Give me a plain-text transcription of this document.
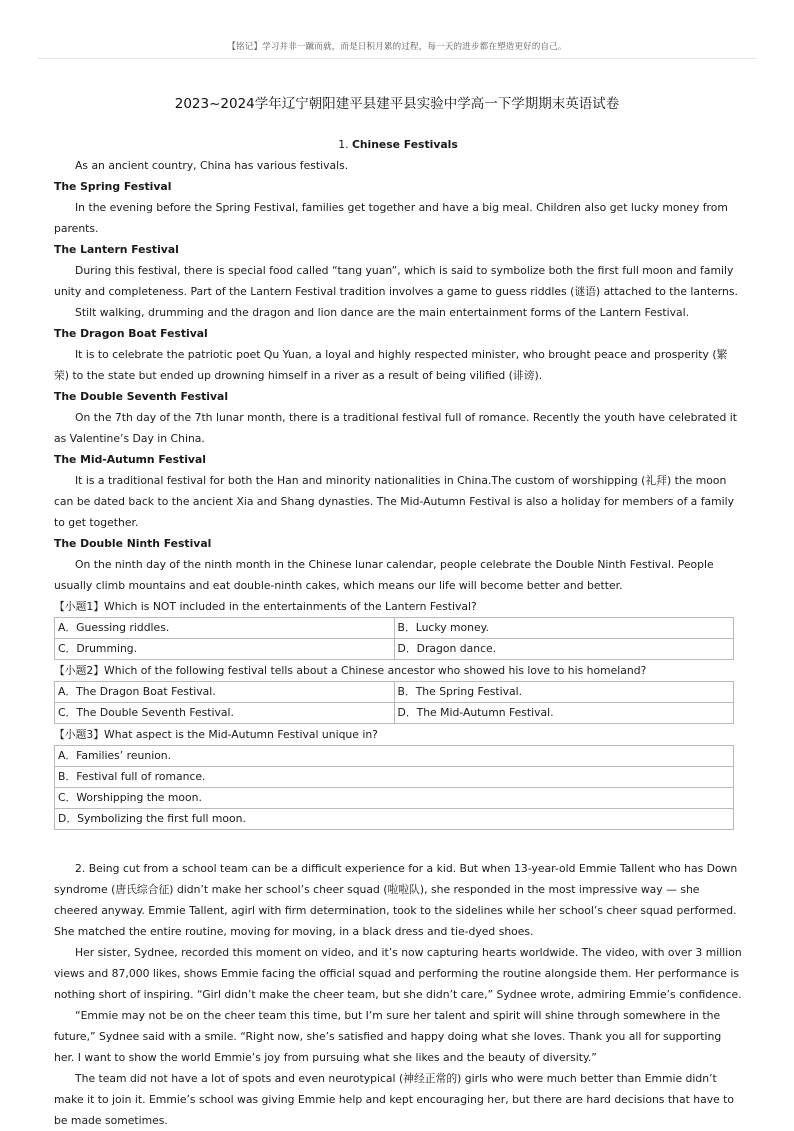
【铭记】学习并非一蹴而就，而是日积月累的过程，每一天的进步都在塑造更好的自己。
2023~2024学年辽宁朝阳建平县建平县实验中学高一下学期期末英语试卷

1. Chinese Festivals

As an ancient country, China has various festivals.

The Spring Festival

In the evening before the Spring Festival, families get together and have a big meal. Children also get lucky money from parents.

The Lantern Festival

During this festival, there is special food called “tang yuan”, which is said to symbolize both the first full moon and family unity and completeness. Part of the Lantern Festival tradition involves a game to guess riddles (谜语) attached to the lanterns.

Stilt walking, drumming and the dragon and lion dance are the main entertainment forms of the Lantern Festival.

The Dragon Boat Festival

It is to celebrate the patriotic poet Qu Yuan, a loyal and highly respected minister, who brought peace and prosperity (繁荣) to the state but ended up drowning himself in a river as a result of being vilified (诽谤).

The Double Seventh Festival

On the 7th day of the 7th lunar month, there is a traditional festival full of romance. Recently the youth have celebrated it as Valentine’s Day in China.

The Mid-Autumn Festival

It is a traditional festival for both the Han and minority nationalities in China.The custom of worshipping (礼拜) the moon can be dated back to the ancient Xia and Shang dynasties. The Mid-Autumn Festival is also a holiday for members of a family to get together.

The Double Ninth Festival

On the ninth day of the ninth month in the Chinese lunar calendar, people celebrate the Double Ninth Festival. People usually climb mountains and eat double-ninth cakes, which means our life will become better and better.

【小题1】Which is NOT included in the entertainments of the Lantern Festival?

A．Guessing riddles.	B．Lucky money.
C．Drumming.	D．Dragon dance.

【小题2】Which of the following festival tells about a Chinese ancestor who showed his love to his homeland?

A．The Dragon Boat Festival.	B．The Spring Festival.
C．The Double Seventh Festival.	D．The Mid-Autumn Festival.

【小题3】What aspect is the Mid-Autumn Festival unique in?

A．Families’ reunion.
B．Festival full of romance.
C．Worshipping the moon.
D．Symbolizing the first full moon.

2. Being cut from a school team can be a difficult experience for a kid. But when 13-year-old Emmie Tallent who has Down syndrome (唐氏综合征) didn’t make her school’s cheer squad (啦啦队), she responded in the most impressive way — she cheered anyway. Emmie Tallent, agirl with firm determination, took to the sidelines while her school’s cheer squad performed. She matched the entire routine, moving for moving, in a black dress and tie-dyed shoes.

Her sister, Sydnee, recorded this moment on video, and it’s now capturing hearts worldwide. The video, with over 3 million views and 87,000 likes, shows Emmie facing the official squad and performing the routine alongside them. Her performance is nothing short of inspiring. “Girl didn’t make the cheer team, but she didn’t care,” Sydnee wrote, admiring Emmie’s confidence.

“Emmie may not be on the cheer team this time, but I’m sure her talent and spirit will shine through somewhere in the future,” Sydnee said with a smile. “Right now, she’s satisfied and happy doing what she loves. Thank you all for supporting her. I want to show the world Emmie’s joy from pursuing what she likes and the beauty of diversity.”

The team did not have a lot of spots and even neurotypical (神经正常的) girls who were much better than Emmie didn’t make it to join it. Emmie’s school was giving Emmie help and kept encouraging her, but there are hard decisions that have to be made sometimes.
